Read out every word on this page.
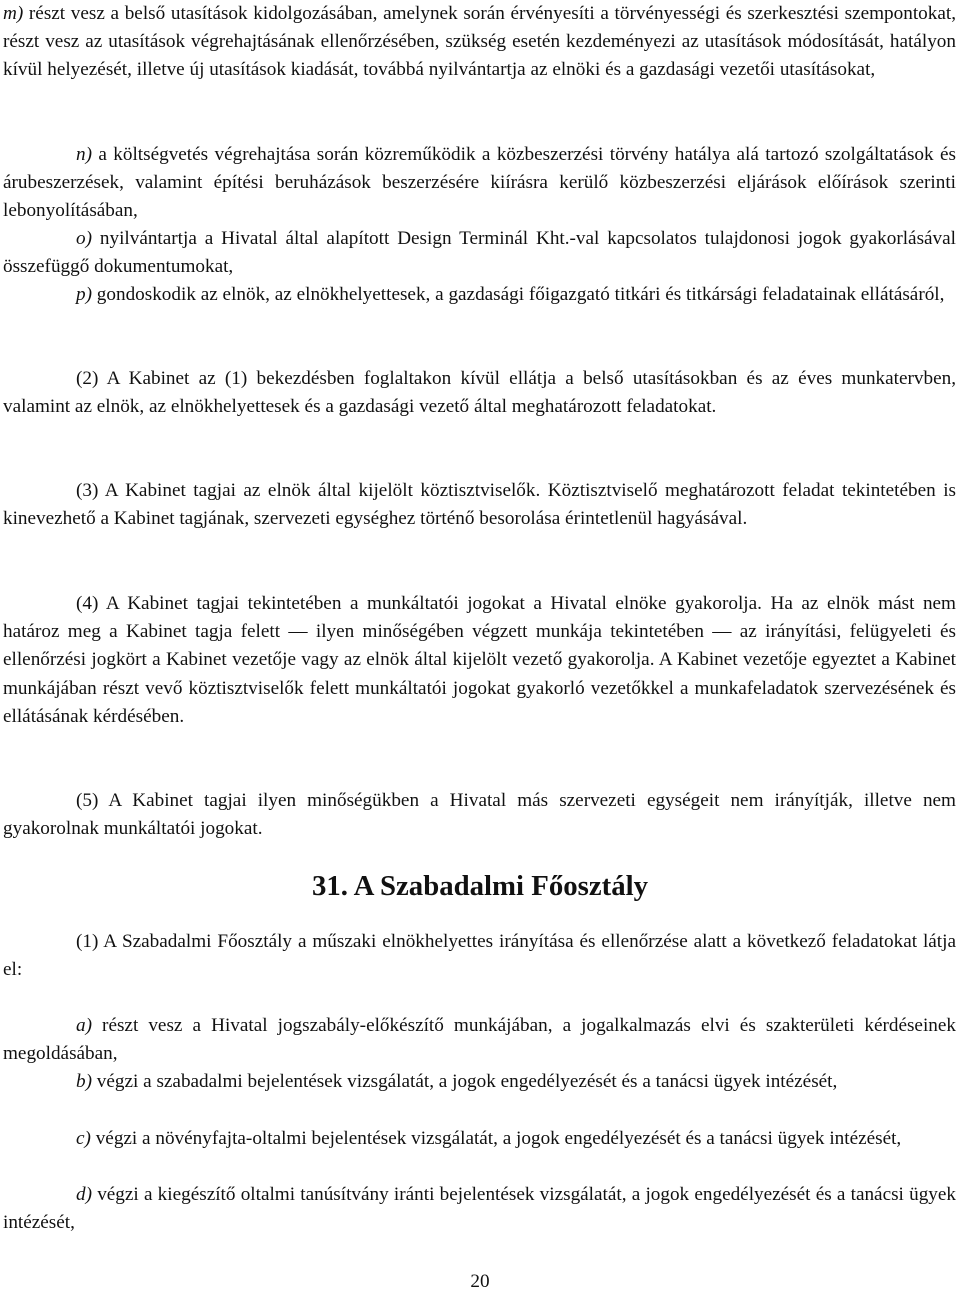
m) részt vesz a belső utasítások kidolgozásában, amelynek során érvényesíti a törvényességi és szerkesztési szempontokat, részt vesz az utasítások végrehajtásának ellenőrzésében, szükség esetén kezdeményezi az utasítások módosítását, hatályon kívül helyezését, illetve új utasítások kiadását, továbbá nyilvántartja az elnöki és a gazdasági vezetői utasításokat,

n) a költségvetés végrehajtása során közreműködik a közbeszerzési törvény hatálya alá tartozó szolgáltatások és árubeszerzések, valamint építési beruházások beszerzésére kiírásra kerülő közbeszerzési eljárások előírások szerinti lebonyolításában,

o) nyilvántartja a Hivatal által alapított Design Terminál Kht.-val kapcsolatos tulajdonosi jogok gyakorlásával összefüggő dokumentumokat,

p) gondoskodik az elnök, az elnökhelyettesek, a gazdasági főigazgató titkári és titkársági feladatainak ellátásáról,

(2) A Kabinet az (1) bekezdésben foglaltakon kívül ellátja a belső utasításokban és az éves munkatervben, valamint az elnök, az elnökhelyettesek és a gazdasági vezető által meghatározott feladatokat.

(3) A Kabinet tagjai az elnök által kijelölt köztisztviselők. Köztisztviselő meghatározott feladat tekintetében is kinevezhető a Kabinet tagjának, szervezeti egységhez történő besorolása érintetlenül hagyásával.

(4) A Kabinet tagjai tekintetében a munkáltatói jogokat a Hivatal elnöke gyakorolja. Ha az elnök mást nem határoz meg a Kabinet tagja felett — ilyen minőségében végzett munkája tekintetében — az irányítási, felügyeleti és ellenőrzési jogkört a Kabinet vezetője vagy az elnök által kijelölt vezető gyakorolja. A Kabinet vezetője egyeztet a Kabinet munkájában részt vevő köztisztviselők felett munkáltatói jogokat gyakorló vezetőkkel a munkafeladatok szervezésének és ellátásának kérdésében.

(5) A Kabinet tagjai ilyen minőségükben a Hivatal más szervezeti egységeit nem irányítják, illetve nem gyakorolnak munkáltatói jogokat.

31. A Szabadalmi Főosztály

(1) A Szabadalmi Főosztály a műszaki elnökhelyettes irányítása és ellenőrzése alatt a következő feladatokat látja el:

a) részt vesz a Hivatal jogszabály-előkészítő munkájában, a jogalkalmazás elvi és szakterületi kérdéseinek megoldásában,

b) végzi a szabadalmi bejelentések vizsgálatát, a jogok engedélyezését és a tanácsi ügyek intézését,

c) végzi a növényfajta-oltalmi bejelentések vizsgálatát, a jogok engedélyezését és a tanácsi ügyek intézését,

d) végzi a kiegészítő oltalmi tanúsítvány iránti bejelentések vizsgálatát, a jogok engedélyezését és a tanácsi ügyek intézését,

20
